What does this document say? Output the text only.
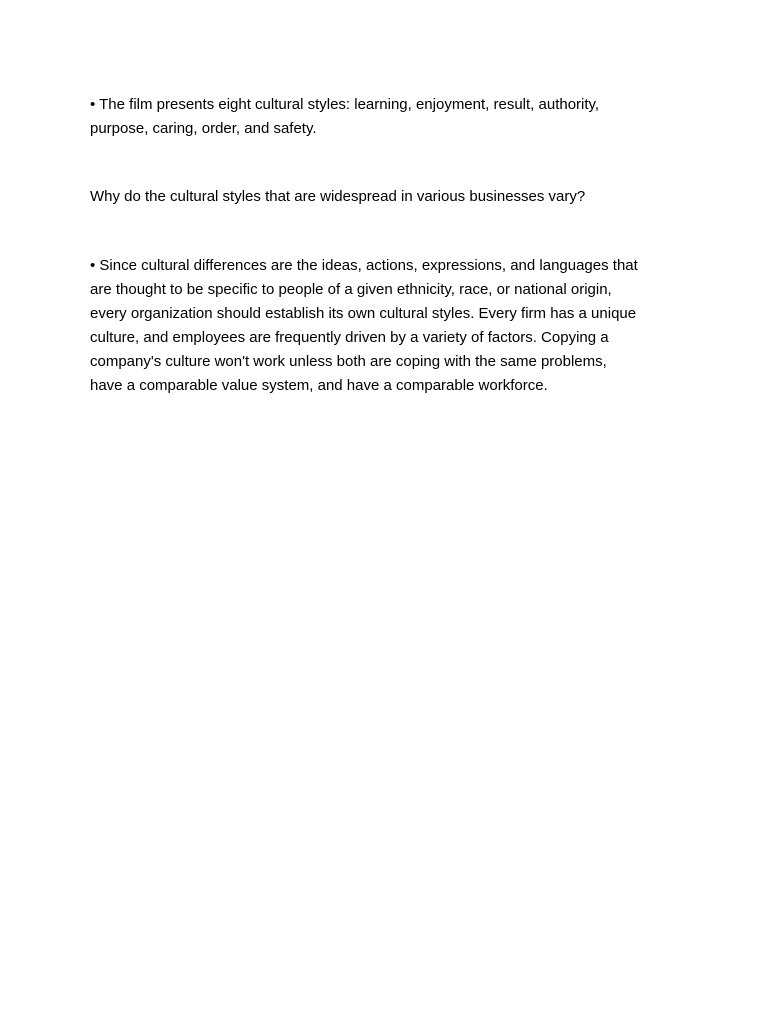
• The film presents eight cultural styles: learning, enjoyment, result, authority,
purpose, caring, order, and safety.

Why do the cultural styles that are widespread in various businesses vary?

• Since cultural differences are the ideas, actions, expressions, and languages that
are thought to be specific to people of a given ethnicity, race, or national origin,
every organization should establish its own cultural styles. Every firm has a unique
culture, and employees are frequently driven by a variety of factors. Copying a
company's culture won't work unless both are coping with the same problems,
have a comparable value system, and have a comparable workforce.
